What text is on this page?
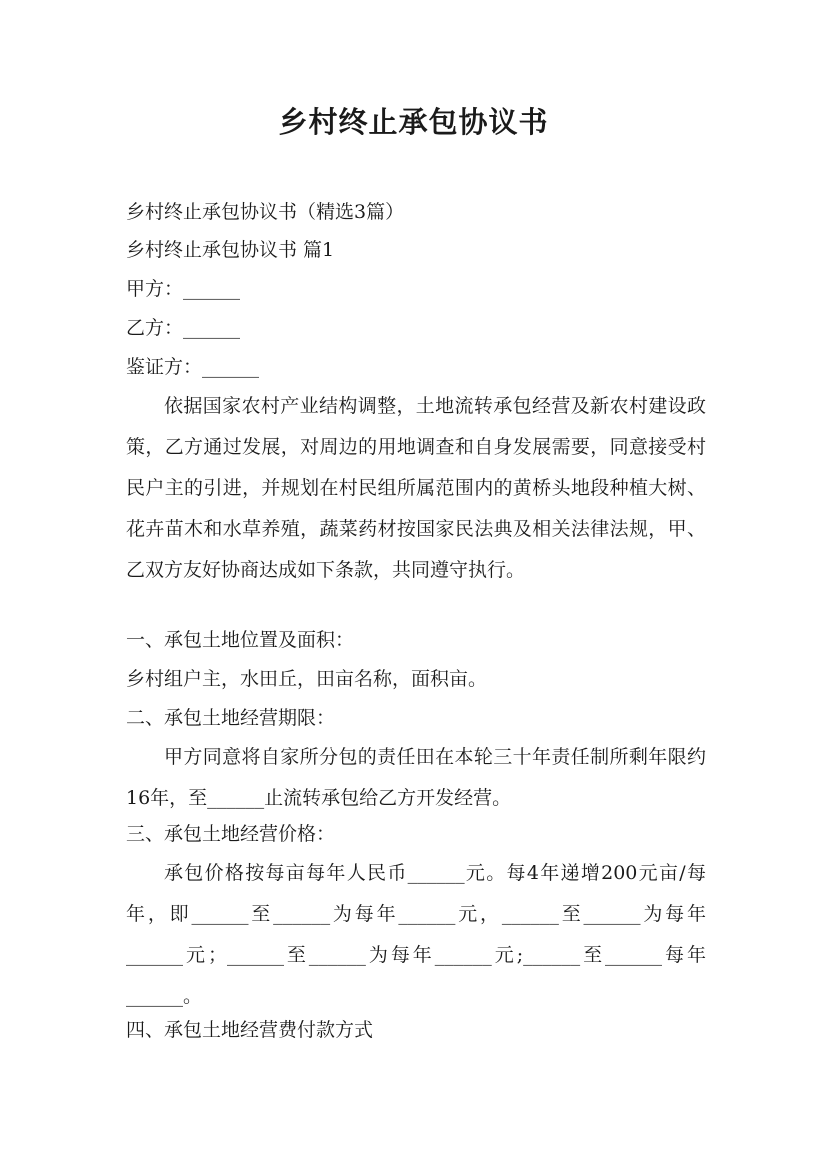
乡村终止承包协议书
乡村终止承包协议书（精选3篇）
乡村终止承包协议书 篇1
甲方：______
乙方：______
鉴证方：______
依据国家农村产业结构调整，土地流转承包经营及新农村建设政策，乙方通过发展，对周边的用地调查和自身发展需要，同意接受村民户主的引进，并规划在村民组所属范围内的黄桥头地段种植大树、花卉苗木和水草养殖，蔬菜药材按国家民法典及相关法律法规，甲、乙双方友好协商达成如下条款，共同遵守执行。
一、承包土地位置及面积：
乡村组户主，水田丘，田亩名称，面积亩。
二、承包土地经营期限：
甲方同意将自家所分包的责任田在本轮三十年责任制所剩年限约16年，至______止流转承包给乙方开发经营。
三、承包土地经营价格：
承包价格按每亩每年人民币______元。每4年递增200元亩/每年，即______至______为每年______元，______至______为每年______元；______至______为每年______元;______至______每年______。
四、承包土地经营费付款方式
